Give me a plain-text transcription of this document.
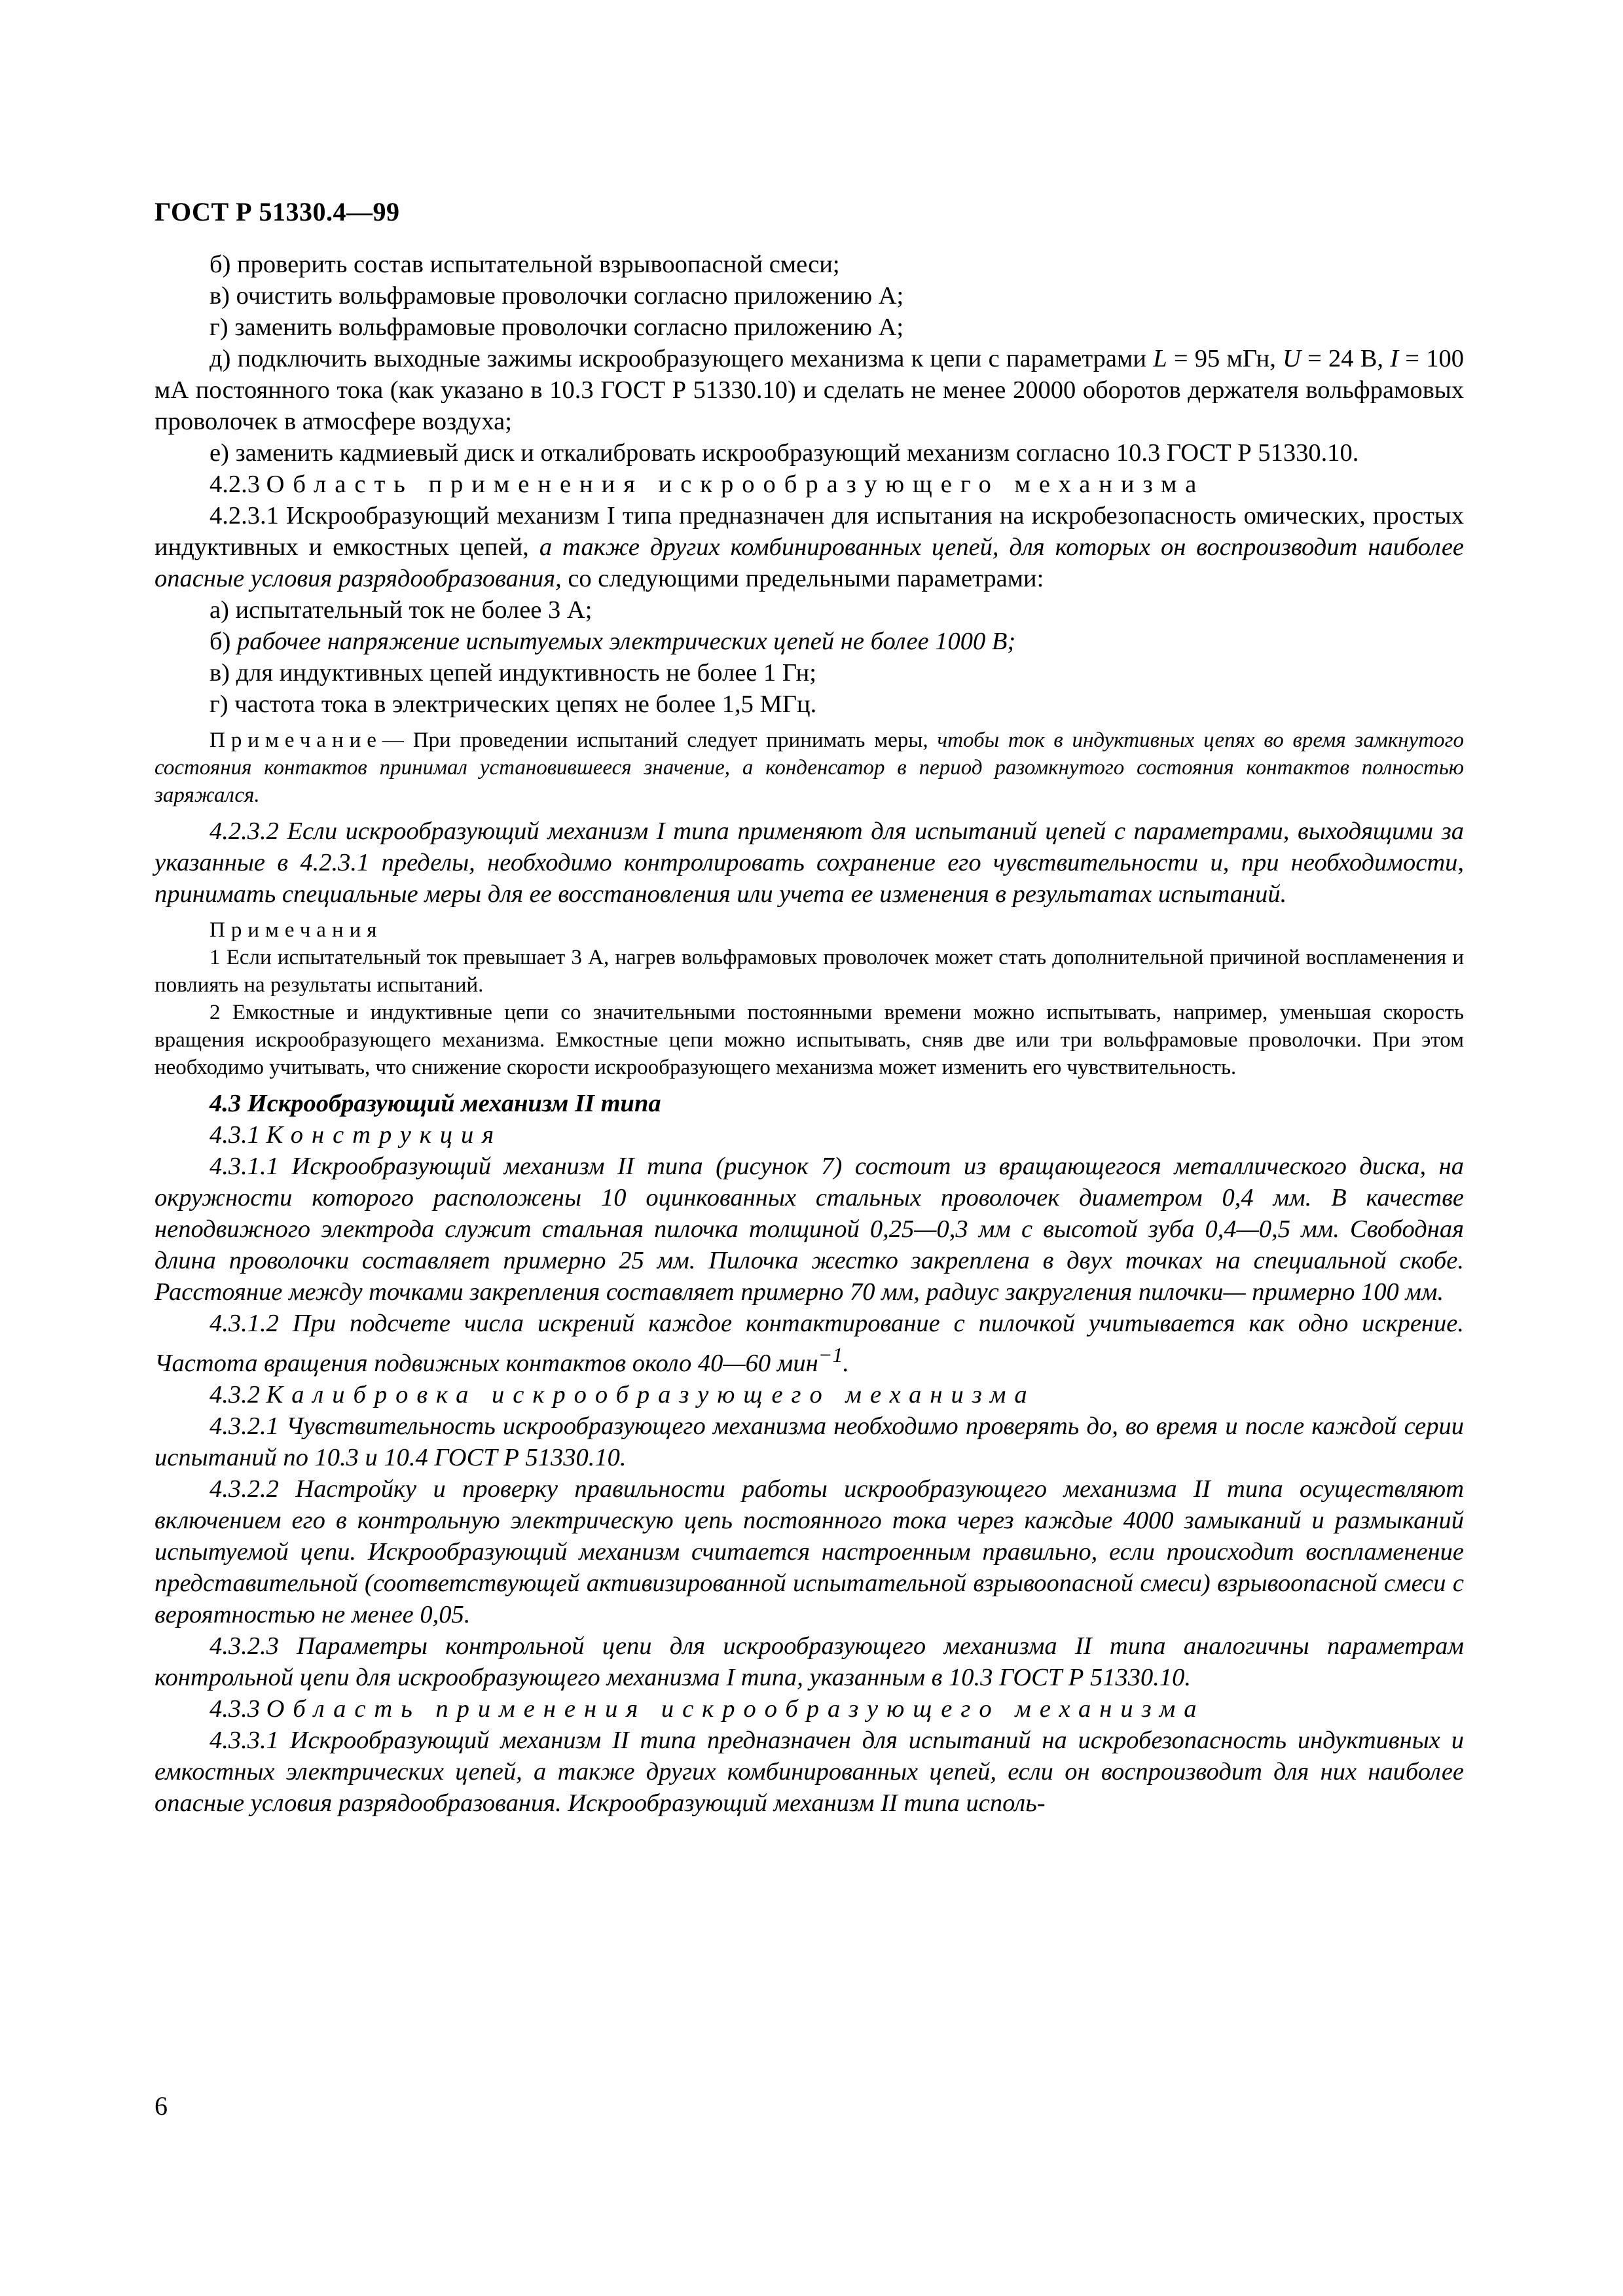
ГОСТ Р 51330.4—99

б) проверить состав испытательной взрывоопасной смеси;

в) очистить вольфрамовые проволочки согласно приложению А;

г) заменить вольфрамовые проволочки согласно приложению А;

д) подключить выходные зажимы искрообразующего механизма к цепи с параметрами L = 95 мГн, U = 24 В, I = 100 мА постоянного тока (как указано в 10.3 ГОСТ Р 51330.10) и сделать не менее 20000 оборотов держателя вольфрамовых проволочек в атмосфере воздуха;

е) заменить кадмиевый диск и откалибровать искрообразующий механизм согласно 10.3 ГОСТ Р 51330.10.

4.2.3 Область применения искрообразующего механизма

4.2.3.1 Искрообразующий механизм I типа предназначен для испытания на искробезопасность омических, простых индуктивных и емкостных цепей, а также других комбинированных цепей, для которых он воспроизводит наиболее опасные условия разрядообразования, со следующими предельными параметрами:

а) испытательный ток не более 3 А;

б) рабочее напряжение испытуемых электрических цепей не более 1000 В;

в) для индуктивных цепей индуктивность не более 1 Гн;

г) частота тока в электрических цепях не более 1,5 МГц.

Примечание— При проведении испытаний следует принимать меры, чтобы ток в индуктивных цепях во время замкнутого состояния контактов принимал установившееся значение, а конденсатор в период разомкнутого состояния контактов полностью заряжался.

4.2.3.2 Если искрообразующий механизм I типа применяют для испытаний цепей с параметрами, выходящими за указанные в 4.2.3.1 пределы, необходимо контролировать сохранение его чувствительности и, при необходимости, принимать специальные меры для ее восстановления или учета ее изменения в результатах испытаний.

Примечания

1 Если испытательный ток превышает 3 А, нагрев вольфрамовых проволочек может стать дополнительной причиной воспламенения и повлиять на результаты испытаний.

2 Емкостные и индуктивные цепи со значительными постоянными времени можно испытывать, например, уменьшая скорость вращения искрообразующего механизма. Емкостные цепи можно испытывать, сняв две или три вольфрамовые проволочки. При этом необходимо учитывать, что снижение скорости искрообразующего механизма может изменить его чувствительность.

4.3 Искрообразующий механизм II типа

4.3.1 Конструкция

4.3.1.1 Искрообразующий механизм II типа (рисунок 7) состоит из вращающегося металлического диска, на окружности которого расположены 10 оцинкованных стальных проволочек диаметром 0,4 мм. В качестве неподвижного электрода служит стальная пилочка толщиной 0,25—0,3 мм с высотой зуба 0,4—0,5 мм. Свободная длина проволочки составляет примерно 25 мм. Пилочка жестко закреплена в двух точках на специальной скобе. Расстояние между точками закрепления составляет примерно 70 мм, радиус закругления пилочки— примерно 100 мм.

4.3.1.2 При подсчете числа искрений каждое контактирование с пилочкой учитывается как одно искрение. Частота вращения подвижных контактов около 40—60 мин$^{-1}$.

4.3.2 Калибровка искрообразующего механизма

4.3.2.1 Чувствительность искрообразующего механизма необходимо проверять до, во время и после каждой серии испытаний по 10.3 и 10.4 ГОСТ Р 51330.10.

4.3.2.2 Настройку и проверку правильности работы искрообразующего механизма II типа осуществляют включением его в контрольную электрическую цепь постоянного тока через каждые 4000 замыканий и размыканий испытуемой цепи. Искрообразующий механизм считается настроенным правильно, если происходит воспламенение представительной (соответствующей активизированной испытательной взрывоопасной смеси) взрывоопасной смеси с вероятностью не менее 0,05.

4.3.2.3 Параметры контрольной цепи для искрообразующего механизма II типа аналогичны параметрам контрольной цепи для искрообразующего механизма I типа, указанным в 10.3 ГОСТ Р 51330.10.

4.3.3 Область применения искрообразующего механизма

4.3.3.1 Искрообразующий механизм II типа предназначен для испытаний на искробезопасность индуктивных и емкостных электрических цепей, а также других комбинированных цепей, если он воспроизводит для них наиболее опасные условия разрядообразования. Искрообразующий механизм II типа исполь-

6
